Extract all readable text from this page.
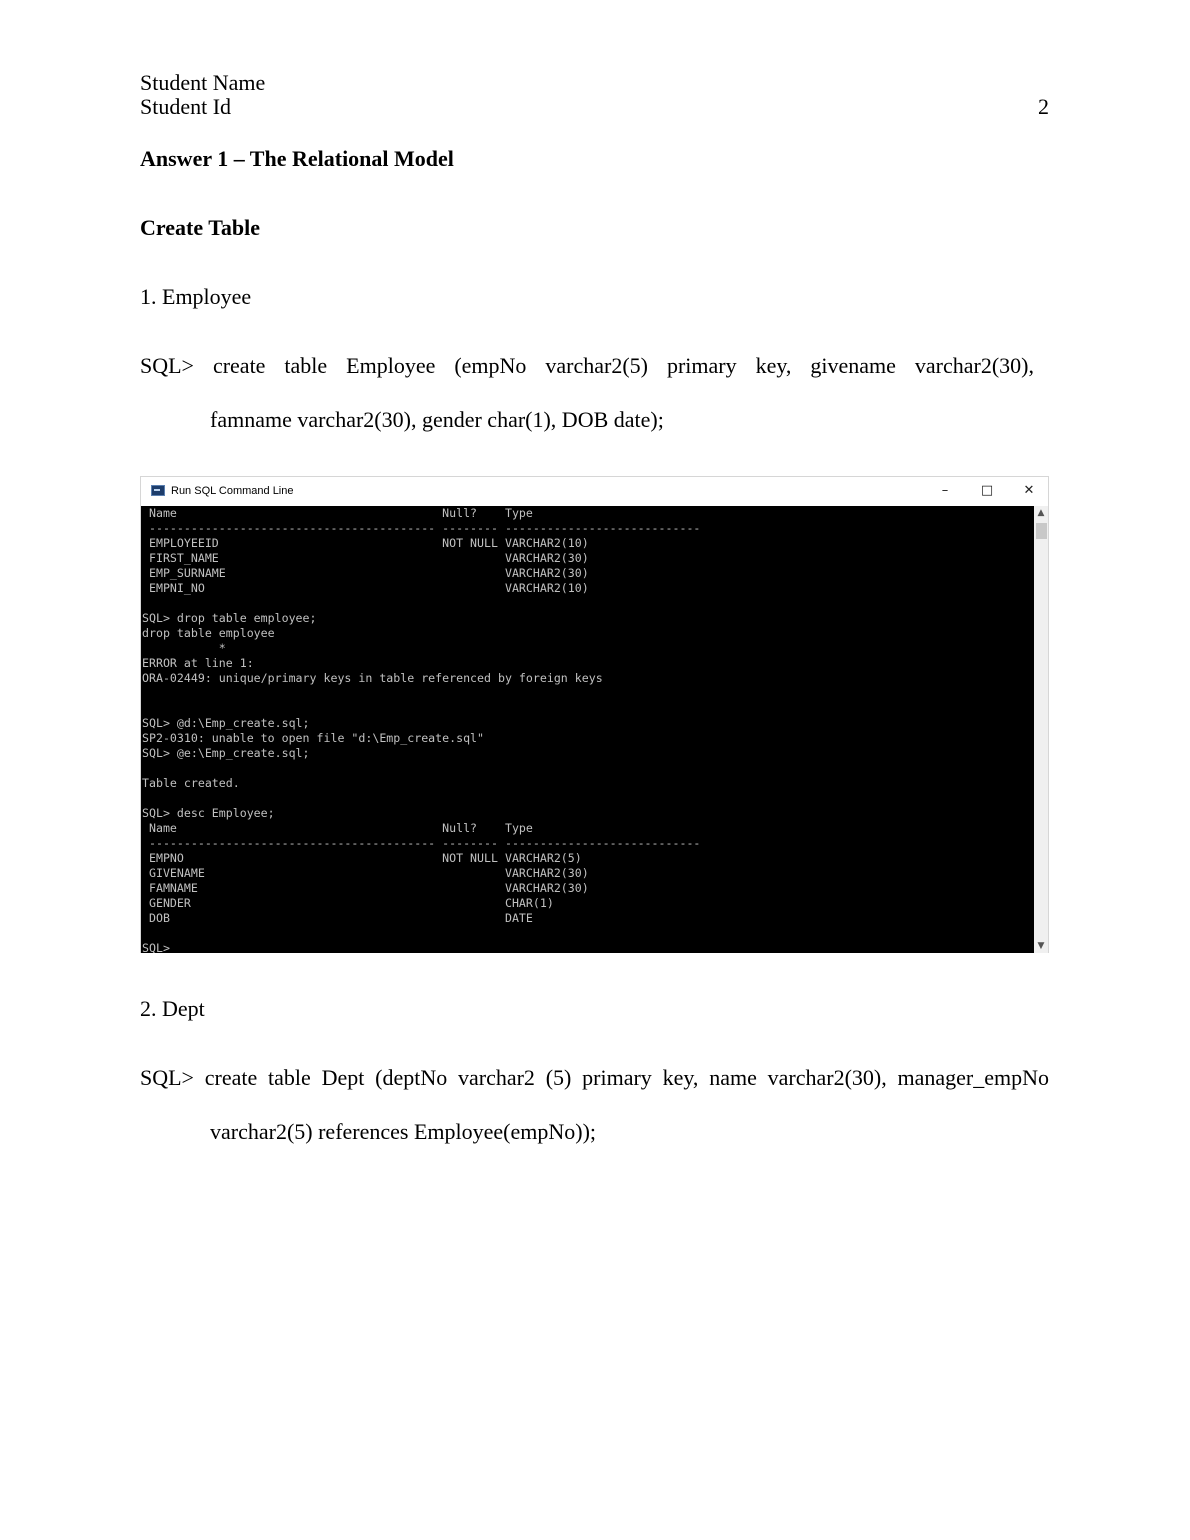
Student Name
Student Id	2
Answer 1 – The Relational Model
Create Table
1. Employee
SQL> create table Employee (empNo varchar2(5) primary key, givename varchar2(30),
famname varchar2(30), gender char(1), DOB date);
Run SQL Command Line	–	□	✕
Name                                      Null?    Type
----------------------------------------- -------- ----------------------------
EMPLOYEEID                                NOT NULL VARCHAR2(10)
FIRST_NAME                                         VARCHAR2(30)
EMP_SURNAME                                        VARCHAR2(30)
EMPNI_NO                                           VARCHAR2(10)
SQL> drop table employee;
drop table employee
*
ERROR at line 1:
ORA-02449: unique/primary keys in table referenced by foreign keys
SQL> @d:\Emp_create.sql;
SP2-0310: unable to open file "d:\Emp_create.sql"
SQL> @e:\Emp_create.sql;
Table created.
SQL> desc Employee;
Name                                      Null?    Type
----------------------------------------- -------- ----------------------------
EMPNO                                     NOT NULL VARCHAR2(5)
GIVENAME                                           VARCHAR2(30)
FAMNAME                                            VARCHAR2(30)
GENDER                                             CHAR(1)
DOB                                                DATE
SQL>
▲
▼
2. Dept
SQL> create table Dept (deptNo varchar2 (5) primary key, name varchar2(30), manager_empNo
varchar2(5) references Employee(empNo));
